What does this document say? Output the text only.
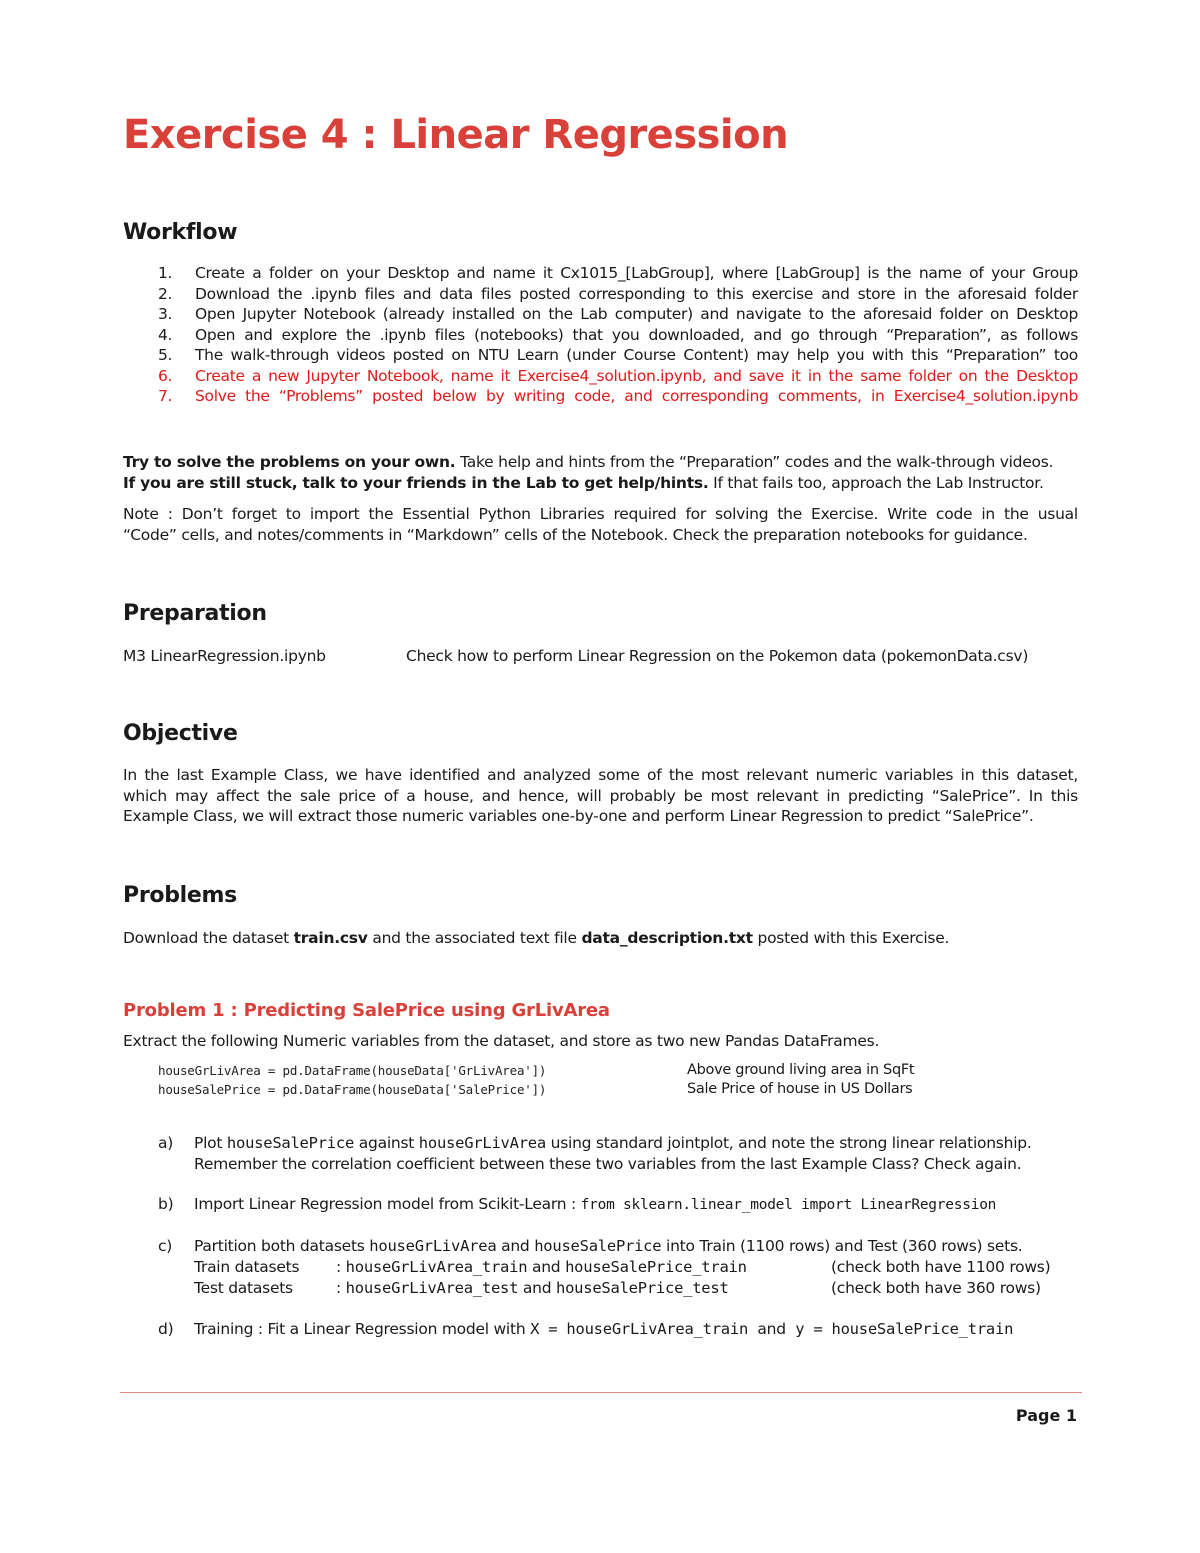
Exercise 4 : Linear Regression
Workflow
1.	Create a folder on your Desktop and name it Cx1015_[LabGroup], where [LabGroup] is the name of your Group
2.	Download the .ipynb files and data files posted corresponding to this exercise and store in the aforesaid folder
3.	Open Jupyter Notebook (already installed on the Lab computer) and navigate to the aforesaid folder on Desktop
4.	Open and explore the .ipynb files (notebooks) that you downloaded, and go through “Preparation”, as follows
5.	The walk-through videos posted on NTU Learn (under Course Content) may help you with this “Preparation” too
6.	Create a new Jupyter Notebook, name it Exercise4_solution.ipynb, and save it in the same folder on the Desktop
7.	Solve the “Problems” posted below by writing code, and corresponding comments, in Exercise4_solution.ipynb
Try to solve the problems on your own. Take help and hints from the “Preparation” codes and the walk-through videos.
If you are still stuck, talk to your friends in the Lab to get help/hints. If that fails too, approach the Lab Instructor.
Note : Don’t forget to import the Essential Python Libraries required for solving the Exercise. Write code in the usual
“Code” cells, and notes/comments in “Markdown” cells of the Notebook. Check the preparation notebooks for guidance.
Preparation
M3 LinearRegression.ipynb	Check how to perform Linear Regression on the Pokemon data (pokemonData.csv)
Objective
In the last Example Class, we have identified and analyzed some of the most relevant numeric variables in this dataset,
which may affect the sale price of a house, and hence, will probably be most relevant in predicting “SalePrice”. In this
Example Class, we will extract those numeric variables one-by-one and perform Linear Regression to predict “SalePrice”.
Problems
Download the dataset train.csv and the associated text file data_description.txt posted with this Exercise.
Problem 1 : Predicting SalePrice using GrLivArea
Extract the following Numeric variables from the dataset, and store as two new Pandas DataFrames.
houseGrLivArea = pd.DataFrame(houseData['GrLivArea'])	Above ground living area in SqFt
houseSalePrice = pd.DataFrame(houseData['SalePrice'])	Sale Price of house in US Dollars
a) Plot houseSalePrice against houseGrLivArea using standard jointplot, and note the strong linear relationship.
Remember the correlation coefficient between these two variables from the last Example Class? Check again.
b) Import Linear Regression model from Scikit-Learn : from sklearn.linear_model import LinearRegression
c) Partition both datasets houseGrLivArea and houseSalePrice into Train (1100 rows) and Test (360 rows) sets.
Train datasets : houseGrLivArea_train and houseSalePrice_train	(check both have 1100 rows)
Test datasets	: houseGrLivArea_test and houseSalePrice_test	(check both have 360 rows)
d) Training : Fit a Linear Regression model with X = houseGrLivArea_train and y = houseSalePrice_train
Page 1
